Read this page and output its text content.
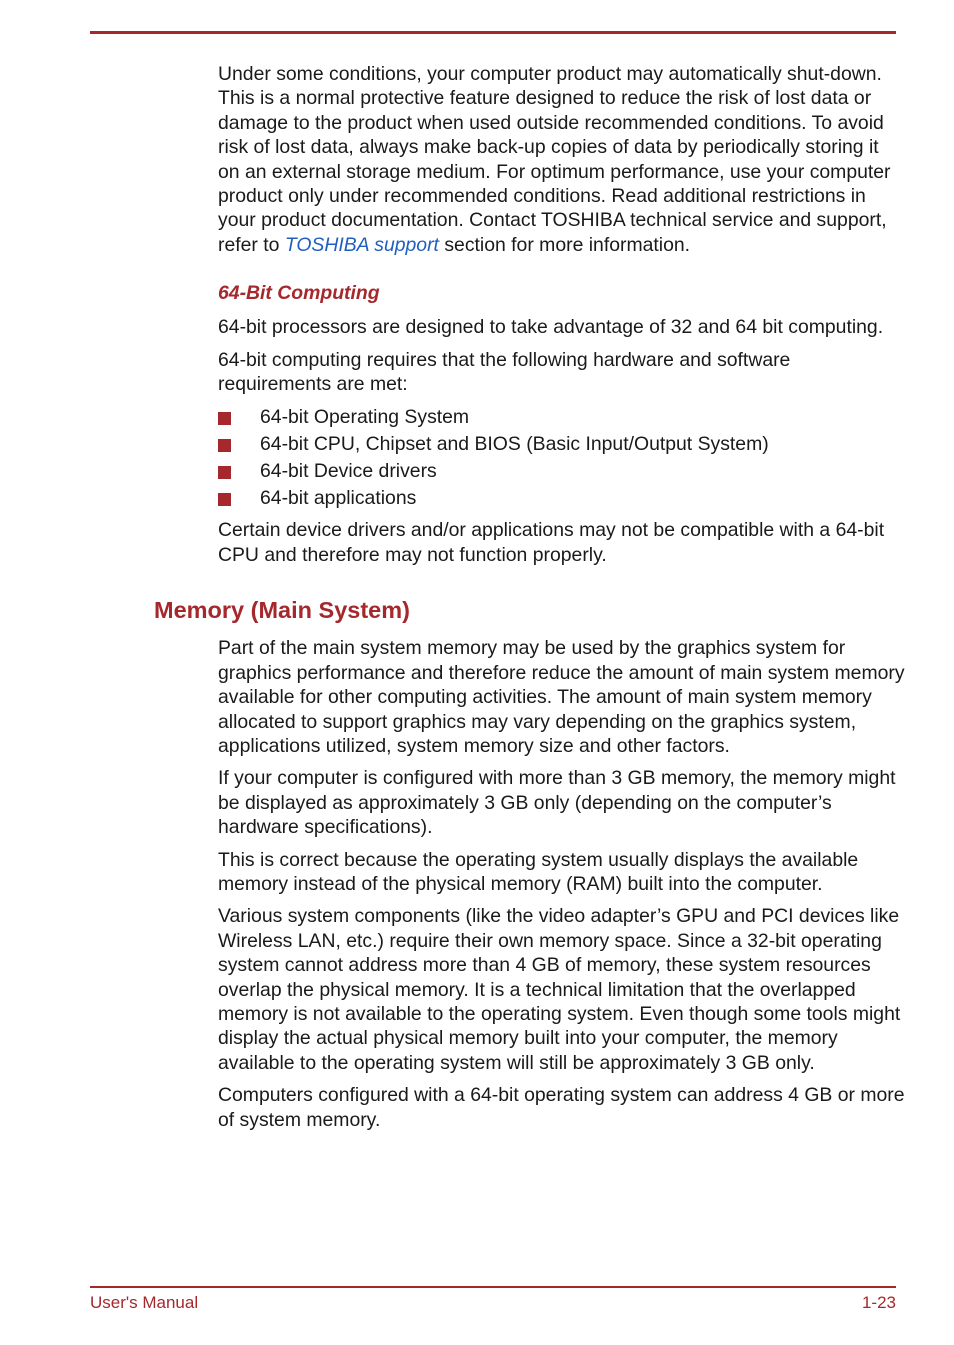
Under some conditions, your computer product may automatically shut-down. This is a normal protective feature designed to reduce the risk of lost data or damage to the product when used outside recommended conditions. To avoid risk of lost data, always make back-up copies of data by periodically storing it on an external storage medium. For optimum performance, use your computer product only under recommended conditions. Read additional restrictions in your product documentation. Contact TOSHIBA technical service and support, refer to TOSHIBA support section for more information.

64-Bit Computing

64-bit processors are designed to take advantage of 32 and 64 bit computing.

64-bit computing requires that the following hardware and software requirements are met:

64-bit Operating System
64-bit CPU, Chipset and BIOS (Basic Input/Output System)
64-bit Device drivers
64-bit applications

Certain device drivers and/or applications may not be compatible with a 64-bit CPU and therefore may not function properly.

Memory (Main System)

Part of the main system memory may be used by the graphics system for graphics performance and therefore reduce the amount of main system memory available for other computing activities. The amount of main system memory allocated to support graphics may vary depending on the graphics system, applications utilized, system memory size and other factors.

If your computer is configured with more than 3 GB memory, the memory might be displayed as approximately 3 GB only (depending on the computer’s hardware specifications).

This is correct because the operating system usually displays the available memory instead of the physical memory (RAM) built into the computer.

Various system components (like the video adapter’s GPU and PCI devices like Wireless LAN, etc.) require their own memory space. Since a 32-bit operating system cannot address more than 4 GB of memory, these system resources overlap the physical memory. It is a technical limitation that the overlapped memory is not available to the operating system. Even though some tools might display the actual physical memory built into your computer, the memory available to the operating system will still be approximately 3 GB only.

Computers configured with a 64-bit operating system can address 4 GB or more of system memory.

User's Manual	1-23
